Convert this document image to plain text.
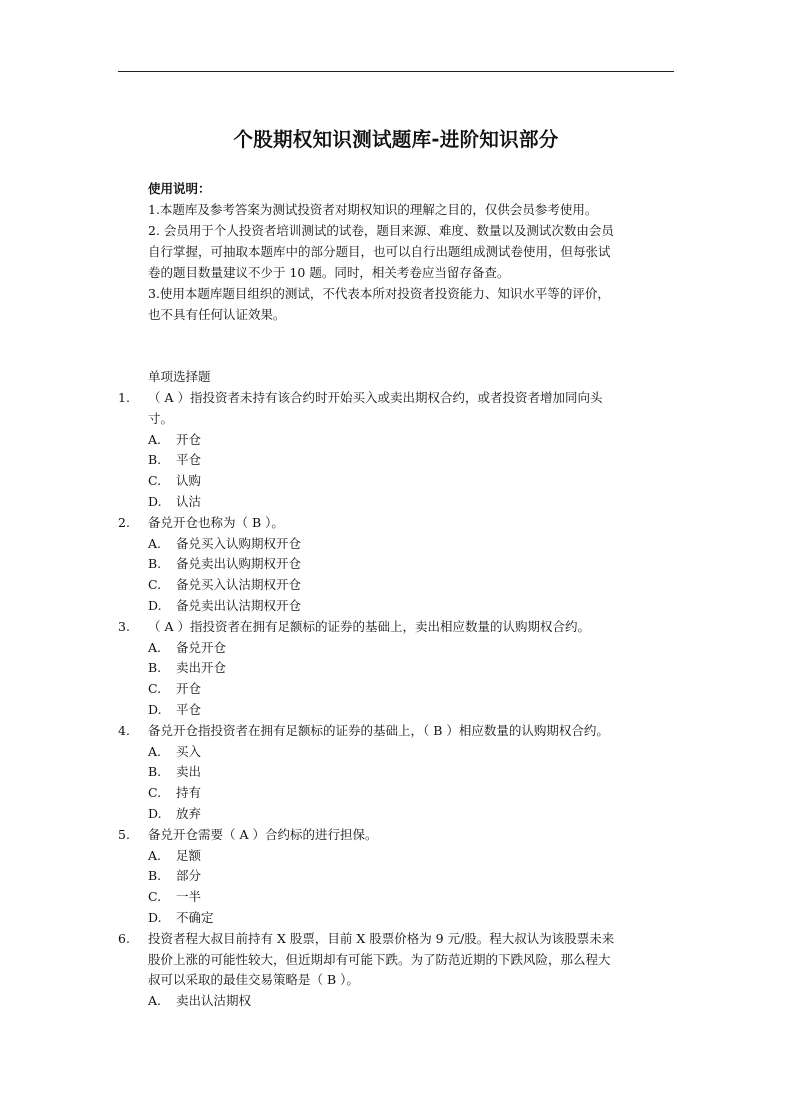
个股期权知识测试题库-进阶知识部分
使用说明：
1.本题库及参考答案为测试投资者对期权知识的理解之目的，仅供会员参考使用。
2. 会员用于个人投资者培训测试的试卷，题目来源、难度、数量以及测试次数由会员
自行掌握，可抽取本题库中的部分题目，也可以自行出题组成测试卷使用，但每张试
卷的题目数量建议不少于 10 题。同时，相关考卷应当留存备查。
3.使用本题库题目组织的测试，不代表本所对投资者投资能力、知识水平等的评价，
也不具有任何认证效果。
单项选择题
1.	（ A ）指投资者未持有该合约时开始买入或卖出期权合约，或者投资者增加同向头
寸。
A.	开仓
B.	平仓
C.	认购
D.	认沽
2.	备兑开仓也称为（ B ）。
A.	备兑买入认购期权开仓
B.	备兑卖出认购期权开仓
C.	备兑买入认沽期权开仓
D.	备兑卖出认沽期权开仓
3.	（ A ）指投资者在拥有足额标的证券的基础上，卖出相应数量的认购期权合约。
A.	备兑开仓
B.	卖出开仓
C.	开仓
D.	平仓
4.	备兑开仓指投资者在拥有足额标的证券的基础上，（ B ）相应数量的认购期权合约。
A.	买入
B.	卖出
C.	持有
D.	放弃
5.	备兑开仓需要（ A ）合约标的进行担保。
A.	足额
B.	部分
C.	一半
D.	不确定
6.	投资者程大叔目前持有 X 股票，目前 X 股票价格为 9 元/股。程大叔认为该股票未来
股价上涨的可能性较大，但近期却有可能下跌。为了防范近期的下跌风险，那么程大
叔可以采取的最佳交易策略是（ B ）。
A.	卖出认沽期权
